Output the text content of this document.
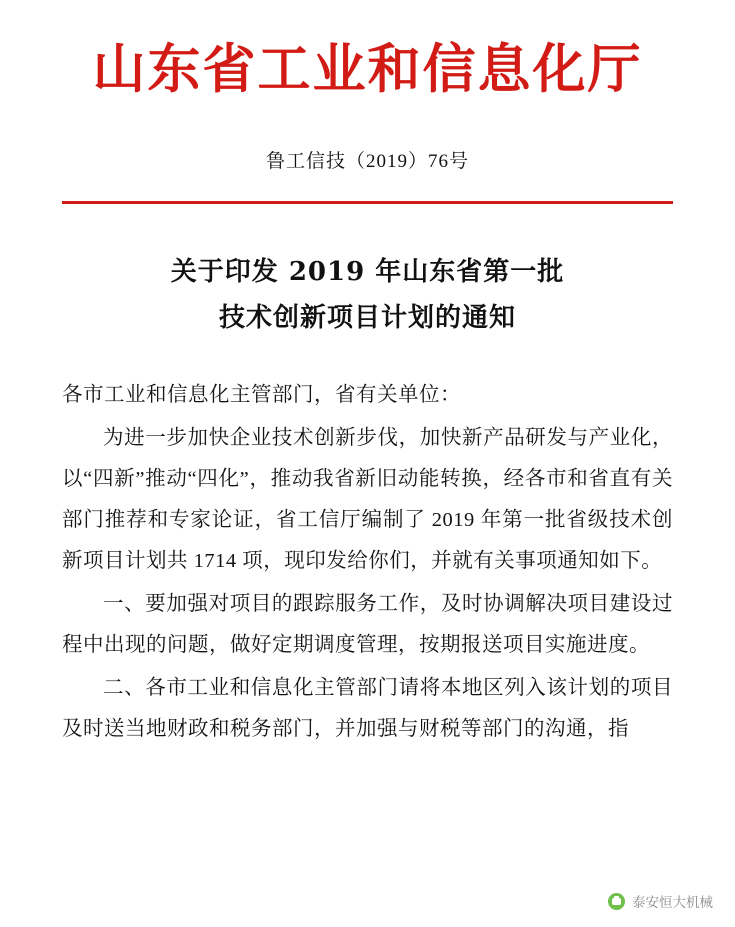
山东省工业和信息化厅
鲁工信技（2019）76号
关于印发 2019 年山东省第一批
技术创新项目计划的通知

各市工业和信息化主管部门，省有关单位：

为进一步加快企业技术创新步伐，加快新产品研发与产业化，以“四新”推动“四化”，推动我省新旧动能转换，经各市和省直有关部门推荐和专家论证，省工信厅编制了 2019 年第一批省级技术创新项目计划共 1714 项，现印发给你们，并就有关事项通知如下。

一、要加强对项目的跟踪服务工作，及时协调解决项目建设过程中出现的问题，做好定期调度管理，按期报送项目实施进度。

二、各市工业和信息化主管部门请将本地区列入该计划的项目及时送当地财政和税务部门，并加强与财税等部门的沟通，指

泰安恒大机械
